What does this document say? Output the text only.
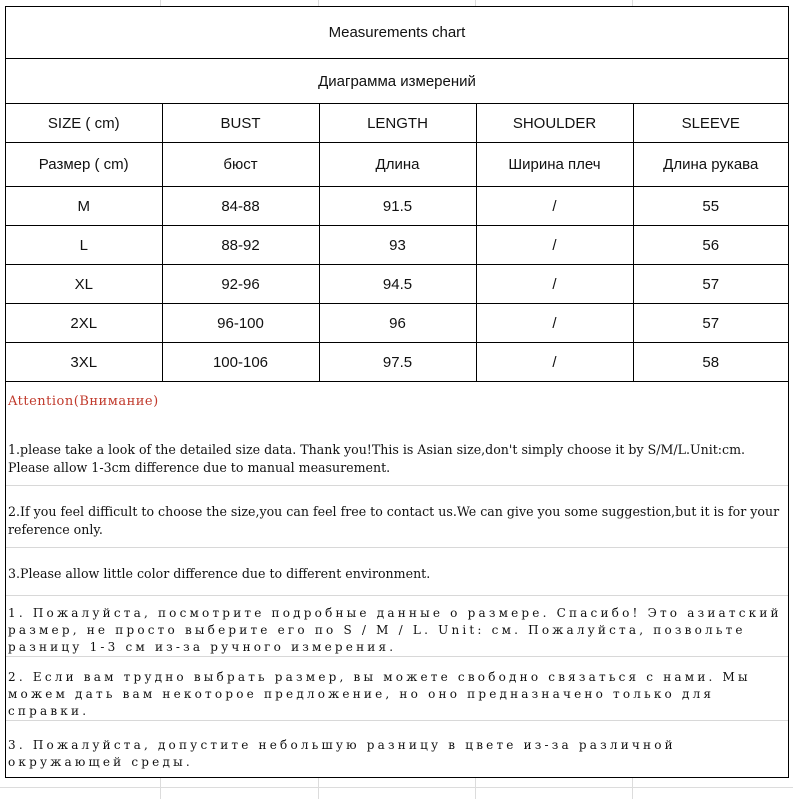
Measurements chart
Диаграмма измерений
SIZE ( cm)	BUST	LENGTH	SHOULDER	SLEEVE
Размер ( cm)	бюст	Длина	Ширина плеч	Длина рукава
M	84-88	91.5	/	55
L	88-92	93	/	56
XL	92-96	94.5	/	57
2XL	96-100	96	/	57
3XL	100-106	97.5	/	58
Attention(Внимание)
1.please take a look of the detailed size data. Thank you!This is Asian size,don't simply choose it by S/M/L.Unit:cm. Please allow 1-3cm difference due to manual measurement.
2.If you feel difficult to choose the size,you can feel free to contact us.We can give you some suggestion,but it is for your reference only.
3.Please allow little color difference due to different environment.
1. Пожалуйста, посмотрите подробные данные о размере. Спасибо! Это азиатский размер, не просто выберите его по S / M / L. Unit: см. Пожалуйста, позвольте разницу 1-3 см из-за ручного измерения.
2. Если вам трудно выбрать размер, вы можете свободно связаться с нами. Мы можем дать вам некоторое предложение, но оно предназначено только для справки.
3. Пожалуйста, допустите небольшую разницу в цвете из-за различной окружающей среды.
